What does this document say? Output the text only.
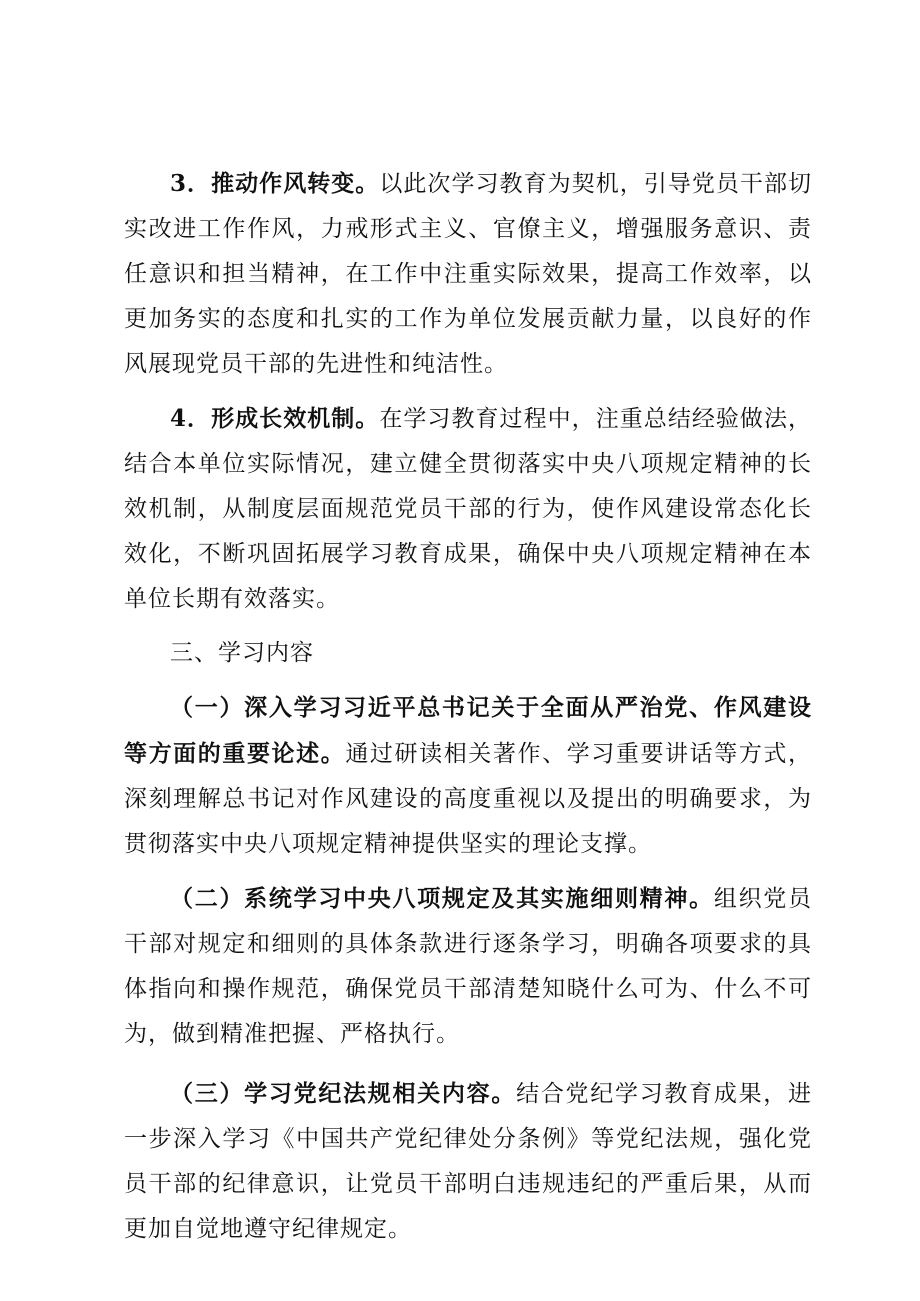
3．推动作风转变。以此次学习教育为契机，引导党员干部切实改进工作作风，力戒形式主义、官僚主义，增强服务意识、责任意识和担当精神，在工作中注重实际效果，提高工作效率，以更加务实的态度和扎实的工作为单位发展贡献力量，以良好的作风展现党员干部的先进性和纯洁性。

4．形成长效机制。在学习教育过程中，注重总结经验做法，结合本单位实际情况，建立健全贯彻落实中央八项规定精神的长效机制，从制度层面规范党员干部的行为，使作风建设常态化长效化，不断巩固拓展学习教育成果，确保中央八项规定精神在本单位长期有效落实。

三、学习内容

（一）深入学习习近平总书记关于全面从严治党、作风建设等方面的重要论述。通过研读相关著作、学习重要讲话等方式，深刻理解总书记对作风建设的高度重视以及提出的明确要求，为贯彻落实中央八项规定精神提供坚实的理论支撑。

（二）系统学习中央八项规定及其实施细则精神。组织党员干部对规定和细则的具体条款进行逐条学习，明确各项要求的具体指向和操作规范，确保党员干部清楚知晓什么可为、什么不可为，做到精准把握、严格执行。

（三）学习党纪法规相关内容。结合党纪学习教育成果，进一步深入学习《中国共产党纪律处分条例》等党纪法规，强化党员干部的纪律意识，让党员干部明白违规违纪的严重后果，从而更加自觉地遵守纪律规定。
